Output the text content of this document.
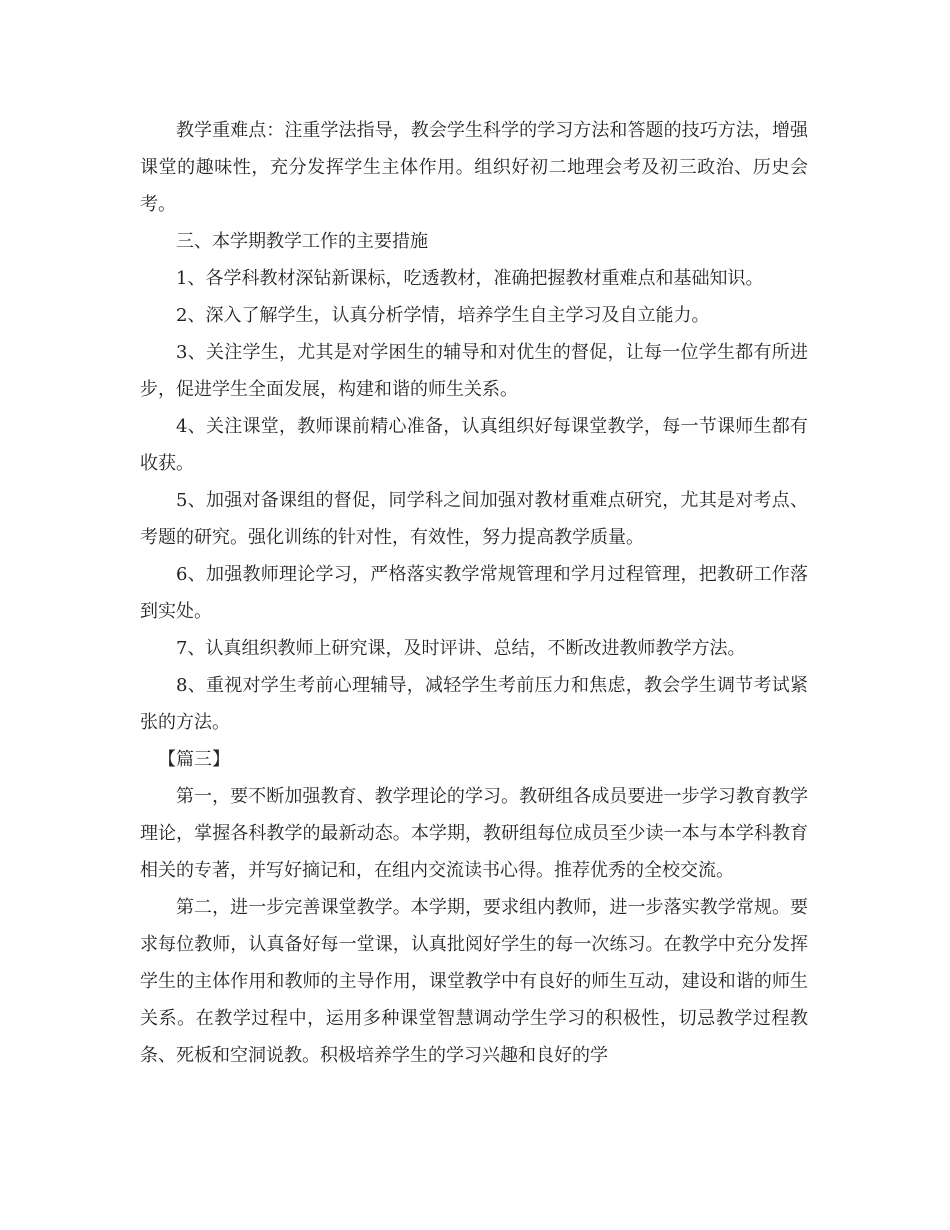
教学重难点：注重学法指导，教会学生科学的学习方法和答题的技巧方法，增强课堂的趣味性，充分发挥学生主体作用。组织好初二地理会考及初三政治、历史会考。

三、本学期教学工作的主要措施

1、各学科教材深钻新课标，吃透教材，准确把握教材重难点和基础知识。

2、深入了解学生，认真分析学情，培养学生自主学习及自立能力。

3、关注学生，尤其是对学困生的辅导和对优生的督促，让每一位学生都有所进步，促进学生全面发展，构建和谐的师生关系。

4、关注课堂，教师课前精心准备，认真组织好每课堂教学，每一节课师生都有收获。

5、加强对备课组的督促，同学科之间加强对教材重难点研究，尤其是对考点、考题的研究。强化训练的针对性，有效性，努力提高教学质量。

6、加强教师理论学习，严格落实教学常规管理和学月过程管理，把教研工作落到实处。

7、认真组织教师上研究课，及时评讲、总结，不断改进教师教学方法。

8、重视对学生考前心理辅导，减轻学生考前压力和焦虑，教会学生调节考试紧张的方法。

【篇三】

第一，要不断加强教育、教学理论的学习。教研组各成员要进一步学习教育教学理论，掌握各科教学的最新动态。本学期，教研组每位成员至少读一本与本学科教育相关的专著，并写好摘记和，在组内交流读书心得。推荐优秀的全校交流。

第二，进一步完善课堂教学。本学期，要求组内教师，进一步落实教学常规。要求每位教师，认真备好每一堂课，认真批阅好学生的每一次练习。在教学中充分发挥学生的主体作用和教师的主导作用，课堂教学中有良好的师生互动，建设和谐的师生关系。在教学过程中，运用多种课堂智慧调动学生学习的积极性，切忌教学过程教条、死板和空洞说教。积极培养学生的学习兴趣和良好的学
